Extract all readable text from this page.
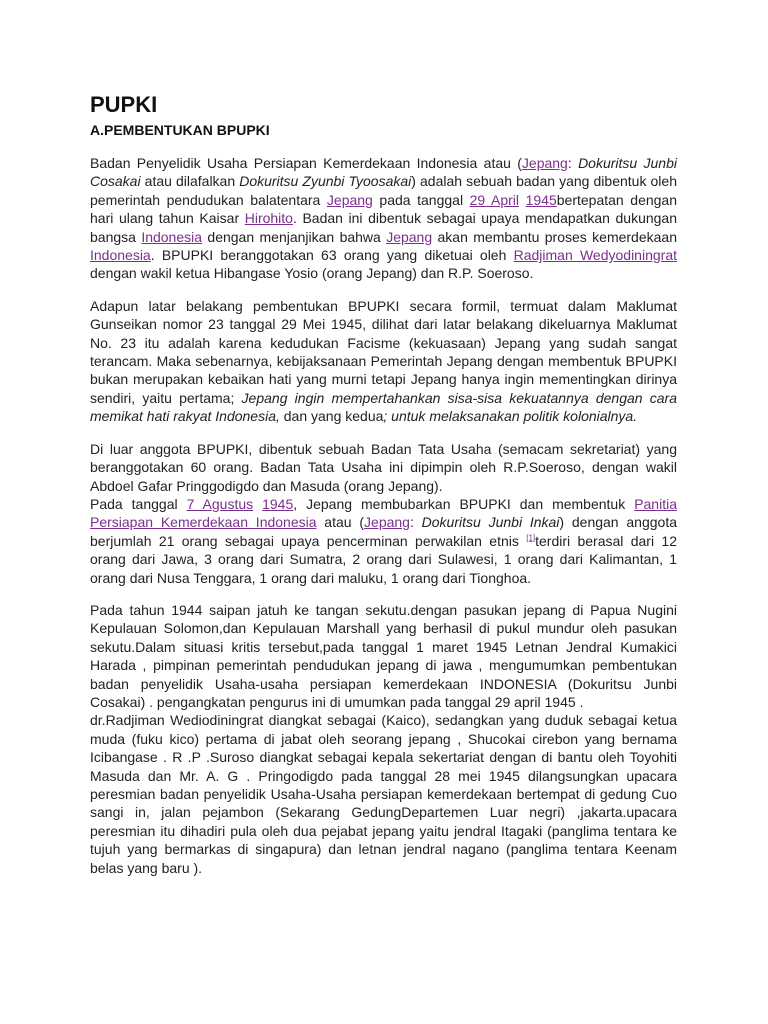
PUPKI
A.PEMBENTUKAN BPUPKI

Badan Penyelidik Usaha Persiapan Kemerdekaan Indonesia atau (Jepang: Dokuritsu Junbi Cosakai atau dilafalkan Dokuritsu Zyunbi Tyoosakai) adalah sebuah badan yang dibentuk oleh pemerintah pendudukan balatentara Jepang pada tanggal 29 April 1945bertepatan dengan hari ulang tahun Kaisar Hirohito. Badan ini dibentuk sebagai upaya mendapatkan dukungan bangsa Indonesia dengan menjanjikan bahwa Jepang akan membantu proses kemerdekaan Indonesia. BPUPKI beranggotakan 63 orang yang diketuai oleh Radjiman Wedyodiningrat dengan wakil ketua Hibangase Yosio (orang Jepang) dan R.P. Soeroso.

Adapun latar belakang pembentukan BPUPKI secara formil, termuat dalam Maklumat Gunseikan nomor 23 tanggal 29 Mei 1945, dilihat dari latar belakang dikeluarnya Maklumat No. 23 itu adalah karena kedudukan Facisme (kekuasaan) Jepang yang sudah sangat terancam. Maka sebenarnya, kebijaksanaan Pemerintah Jepang dengan membentuk BPUPKI bukan merupakan kebaikan hati yang murni tetapi Jepang hanya ingin mementingkan dirinya sendiri, yaitu pertama; Jepang ingin mempertahankan sisa-sisa kekuatannya dengan cara memikat hati rakyat Indonesia, dan yang kedua; untuk melaksanakan politik kolonialnya.

Di luar anggota BPUPKI, dibentuk sebuah Badan Tata Usaha (semacam sekretariat) yang beranggotakan 60 orang. Badan Tata Usaha ini dipimpin oleh R.P.Soeroso, dengan wakil Abdoel Gafar Pringgodigdo dan Masuda (orang Jepang).

Pada tanggal 7 Agustus 1945, Jepang membubarkan BPUPKI dan membentuk Panitia Persiapan Kemerdekaan Indonesia atau (Jepang: Dokuritsu Junbi Inkai) dengan anggota berjumlah 21 orang sebagai upaya pencerminan perwakilan etnis [1]terdiri berasal dari 12 orang dari Jawa, 3 orang dari Sumatra, 2 orang dari Sulawesi, 1 orang dari Kalimantan, 1 orang dari Nusa Tenggara, 1 orang dari maluku, 1 orang dari Tionghoa.

Pada tahun 1944 saipan jatuh ke tangan sekutu.dengan pasukan jepang di Papua Nugini Kepulauan Solomon,dan Kepulauan Marshall yang berhasil di pukul mundur oleh pasukan sekutu.Dalam situasi kritis tersebut,pada tanggal 1 maret 1945 Letnan Jendral Kumakici Harada , pimpinan pemerintah pendudukan jepang di jawa , mengumumkan pembentukan badan penyelidik Usaha-usaha persiapan kemerdekaan INDONESIA (Dokuritsu Junbi Cosakai) . pengangkatan pengurus ini di umumkan pada tanggal 29 april 1945 .

dr.Radjiman Wediodiningrat diangkat sebagai (Kaico), sedangkan yang duduk sebagai ketua muda (fuku kico) pertama di jabat oleh seorang jepang , Shucokai cirebon yang bernama Icibangase . R .P .Suroso diangkat sebagai kepala sekertariat dengan di bantu oleh Toyohiti Masuda dan Mr. A. G . Pringodigdo pada tanggal 28 mei 1945 dilangsungkan upacara peresmian badan penyelidik Usaha-Usaha persiapan kemerdekaan bertempat di gedung Cuo sangi in, jalan pejambon (Sekarang GedungDepartemen Luar negri) ,jakarta.upacara peresmian itu dihadiri pula oleh dua pejabat jepang yaitu jendral Itagaki (panglima tentara ke tujuh yang bermarkas di singapura) dan letnan jendral nagano (panglima tentara Keenam belas yang baru ).
